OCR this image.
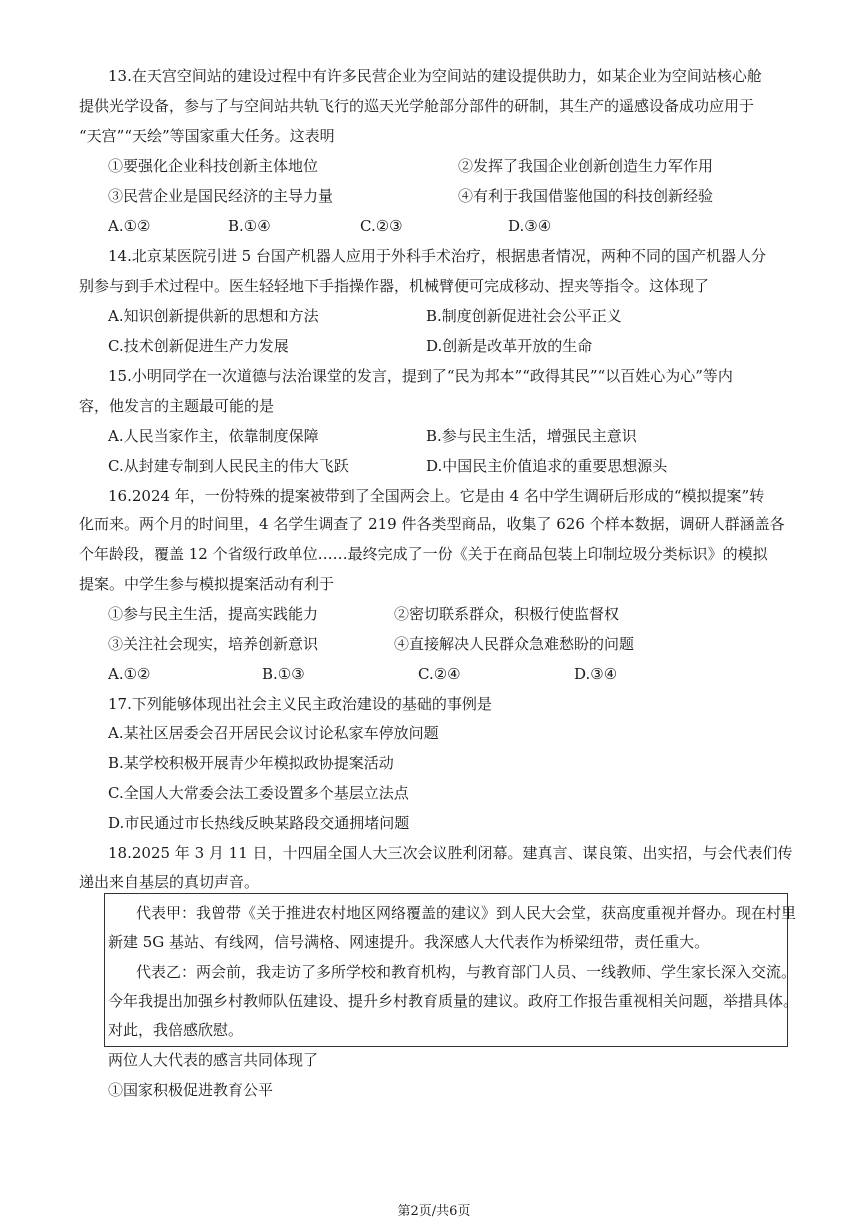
13.在天宫空间站的建设过程中有许多民营企业为空间站的建设提供助力，如某企业为空间站核心舱
提供光学设备，参与了与空间站共轨飞行的巡天光学舱部分部件的研制，其生产的遥感设备成功应用于
“天宫”“天绘”等国家重大任务。这表明
①要强化企业科技创新主体地位	②发挥了我国企业创新创造生力军作用
③民营企业是国民经济的主导力量	④有利于我国借鉴他国的科技创新经验
A.①②	B.①④	C.②③	D.③④
14.北京某医院引进 5 台国产机器人应用于外科手术治疗，根据患者情况，两种不同的国产机器人分
别参与到手术过程中。医生轻轻地下手指操作器，机械臂便可完成移动、捏夹等指令。这体现了
A.知识创新提供新的思想和方法	B.制度创新促进社会公平正义
C.技术创新促进生产力发展	D.创新是改革开放的生命
15.小明同学在一次道德与法治课堂的发言，提到了“民为邦本”“政得其民”“以百姓心为心”等内
容，他发言的主题最可能的是
A.人民当家作主，依靠制度保障	B.参与民主生活，增强民主意识
C.从封建专制到人民民主的伟大飞跃	D.中国民主价值追求的重要思想源头
16.2024 年，一份特殊的提案被带到了全国两会上。它是由 4 名中学生调研后形成的“模拟提案”转
化而来。两个月的时间里，4 名学生调查了 219 件各类型商品，收集了 626 个样本数据，调研人群涵盖各
个年龄段，覆盖 12 个省级行政单位……最终完成了一份《关于在商品包装上印制垃圾分类标识》的模拟
提案。中学生参与模拟提案活动有利于
①参与民主生活，提高实践能力	②密切联系群众，积极行使监督权
③关注社会现实，培养创新意识	④直接解决人民群众急难愁盼的问题
A.①②	B.①③	C.②④	D.③④
17.下列能够体现出社会主义民主政治建设的基础的事例是
A.某社区居委会召开居民会议讨论私家车停放问题
B.某学校积极开展青少年模拟政协提案活动
C.全国人大常委会法工委设置多个基层立法点
D.市民通过市长热线反映某路段交通拥堵问题
18.2025 年 3 月 11 日，十四届全国人大三次会议胜利闭幕。建真言、谋良策、出实招，与会代表们传
递出来自基层的真切声音。
代表甲：我曾带《关于推进农村地区网络覆盖的建议》到人民大会堂，获高度重视并督办。现在村里
新建 5G 基站、有线网，信号满格、网速提升。我深感人大代表作为桥梁纽带，责任重大。
代表乙：两会前，我走访了多所学校和教育机构，与教育部门人员、一线教师、学生家长深入交流。
今年我提出加强乡村教师队伍建设、提升乡村教育质量的建议。政府工作报告重视相关问题，举措具体。
对此，我倍感欣慰。
两位人大代表的感言共同体现了
①国家积极促进教育公平
第2页/共6页
